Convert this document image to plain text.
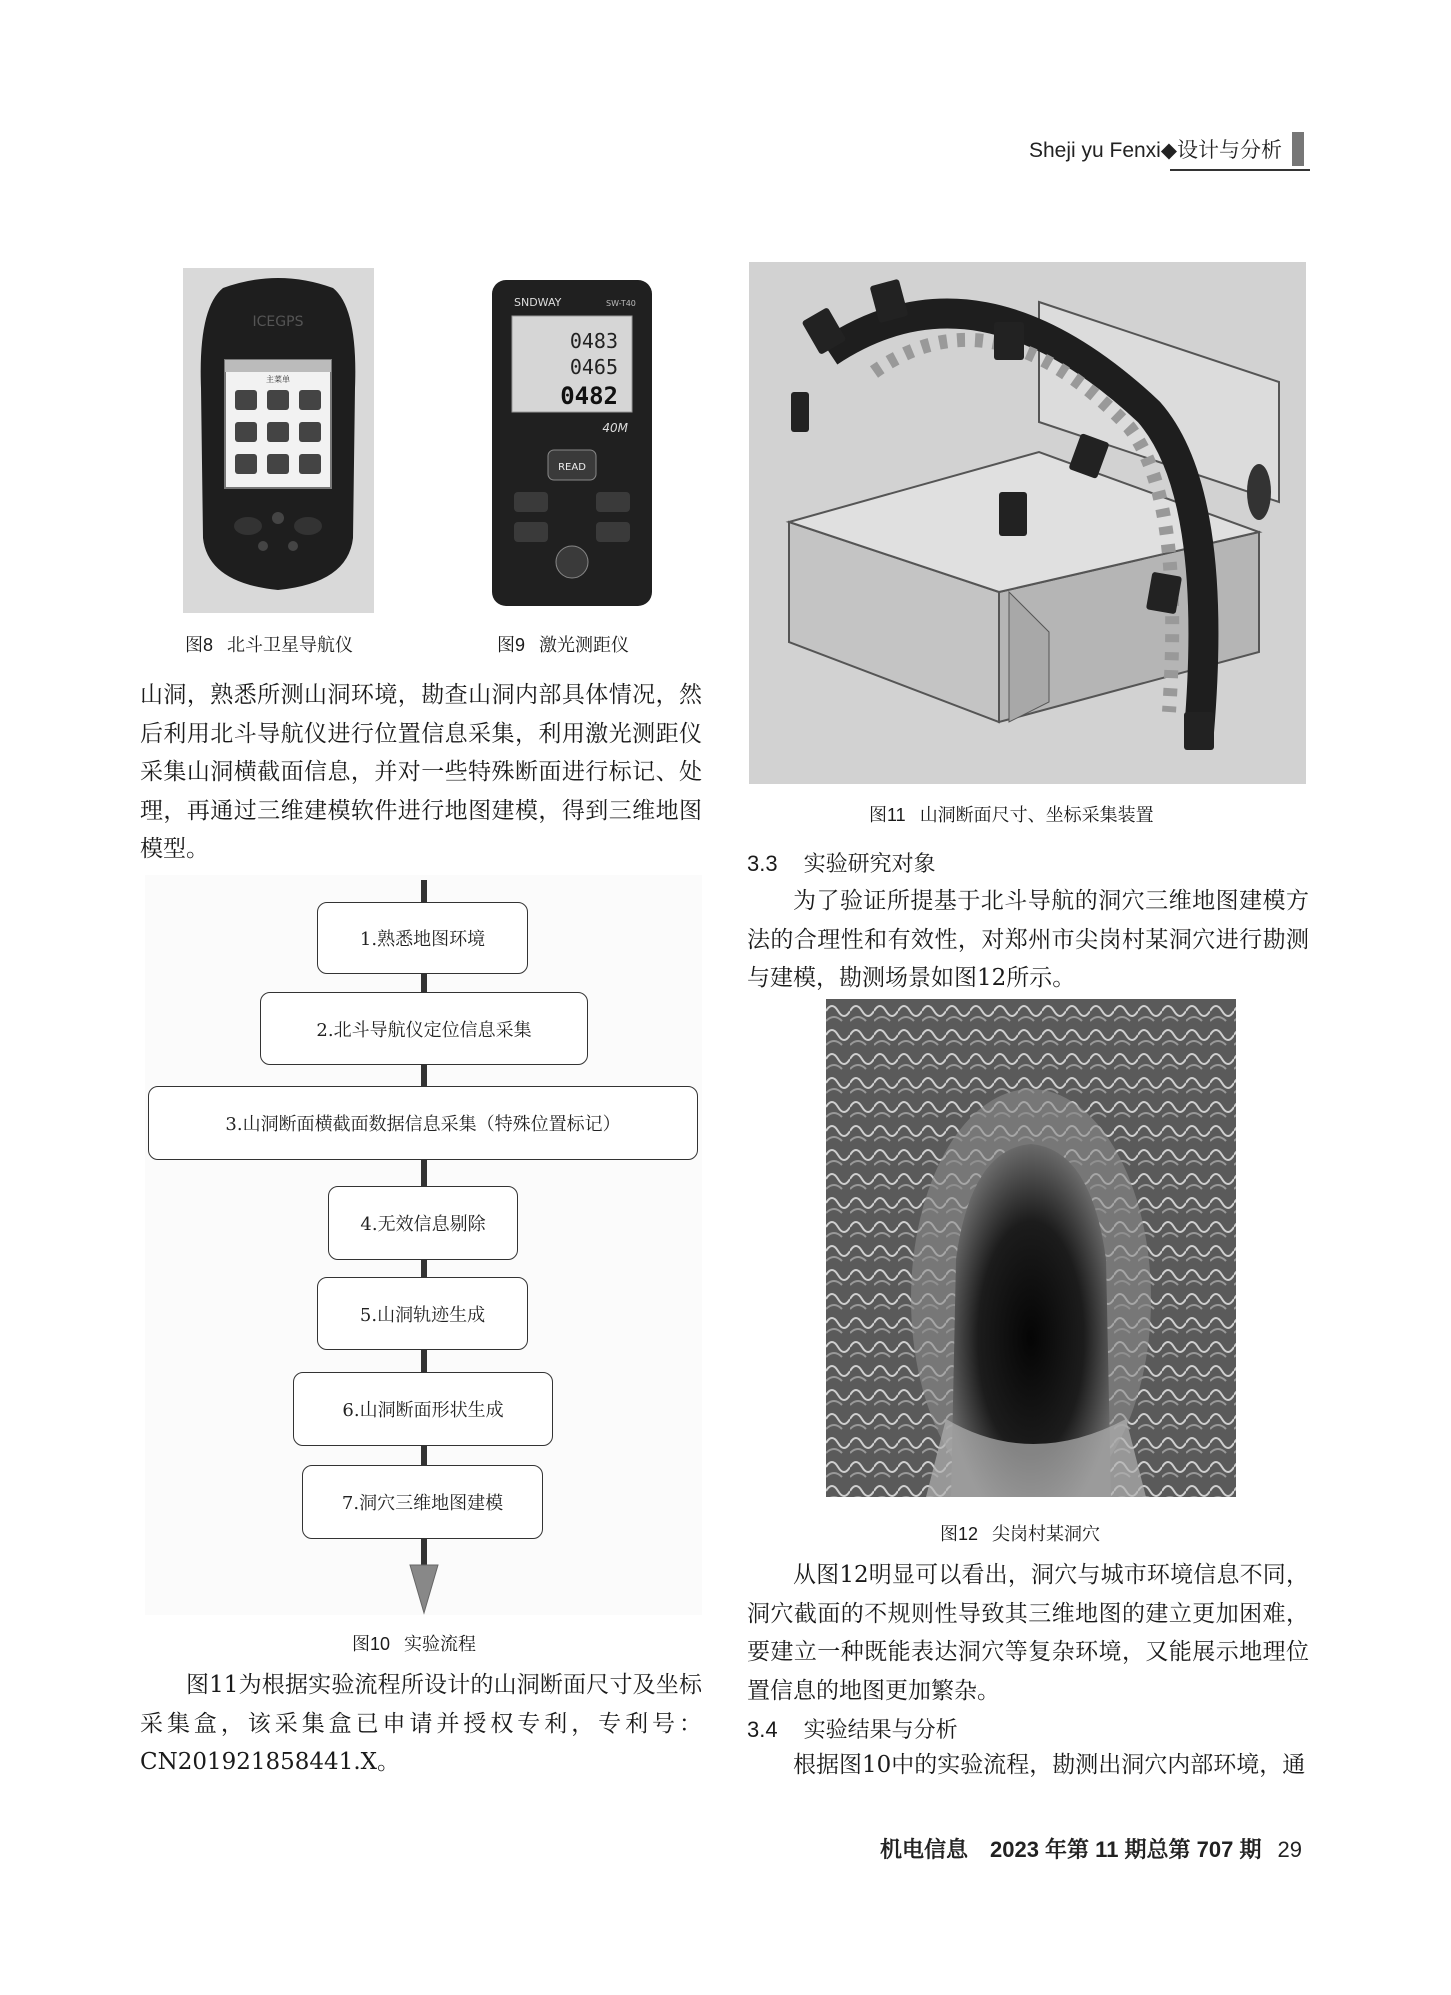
Sheji yu Fenxi◆设计与分析
ICEGPS
主菜单
图8 北斗卫星导航仪
SNDWAY	SW-T40
0483
0465
0482
40M
READ
图9 激光测距仪
山洞，熟悉所测山洞环境，勘查山洞内部具体情况，然后利用北斗导航仪进行位置信息采集，利用激光测距仪采集山洞横截面信息，并对一些特殊断面进行标记、处理，再通过三维建模软件进行地图建模，得到三维地图模型。
1.熟悉地图环境
2.北斗导航仪定位信息采集
3.山洞断面横截面数据信息采集（特殊位置标记）
4.无效信息剔除
5.山洞轨迹生成
6.山洞断面形状生成
7.洞穴三维地图建模
图10 实验流程
图11为根据实验流程所设计的山洞断面尺寸及坐标采集盒，该采集盒已申请并授权专利，专利号：CN201921858441.X。
图11 山洞断面尺寸、坐标采集装置
3.3 实验研究对象
为了验证所提基于北斗导航的洞穴三维地图建模方法的合理性和有效性，对郑州市尖岗村某洞穴进行勘测与建模，勘测场景如图12所示。
图12 尖岗村某洞穴
从图12明显可以看出，洞穴与城市环境信息不同，洞穴截面的不规则性导致其三维地图的建立更加困难，要建立一种既能表达洞穴等复杂环境，又能展示地理位置信息的地图更加繁杂。
3.4 实验结果与分析
根据图10中的实验流程，勘测出洞穴内部环境，通
机电信息　2023 年第 11 期总第 707 期 29
